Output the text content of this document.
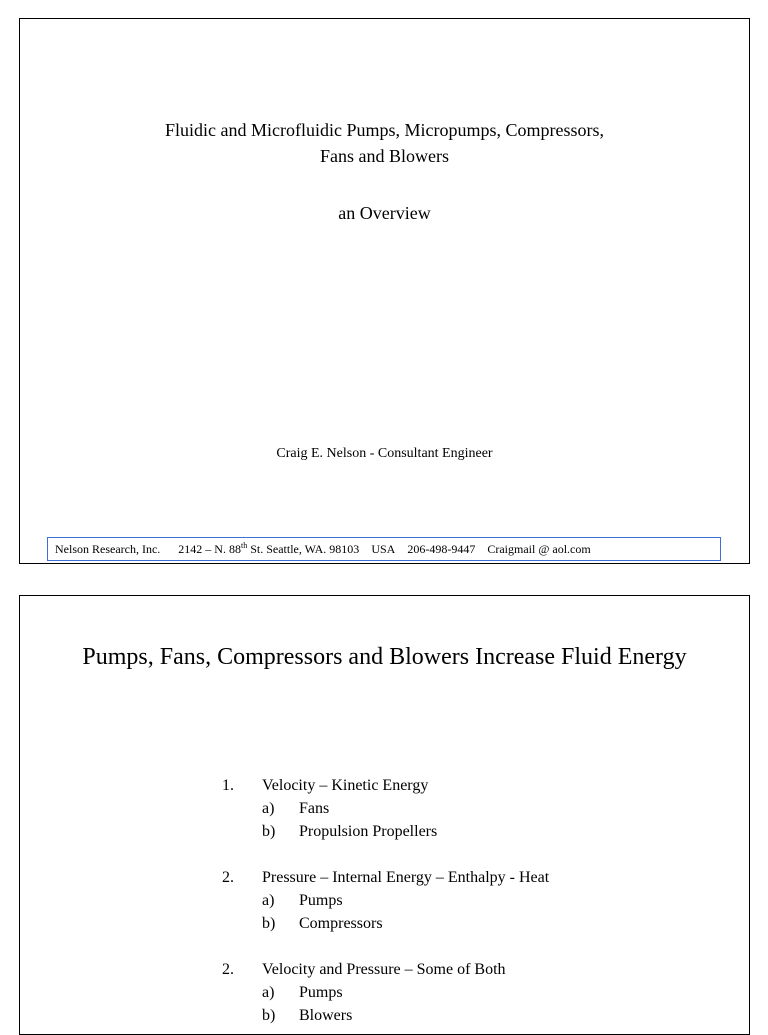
Fluidic and Microfluidic Pumps, Micropumps, Compressors,
Fans and Blowers
an Overview
Craig E. Nelson - Consultant Engineer
Nelson Research, Inc. 2142 – N. 88th St. Seattle, WA. 98103 USA 206-498-9447 Craigmail @ aol.com
Pumps, Fans, Compressors and Blowers Increase Fluid Energy
1.	Velocity – Kinetic Energy
a) Fans
b) Propulsion Propellers
2.	Pressure – Internal Energy – Enthalpy - Heat
a) Pumps
b) Compressors
2.	Velocity and Pressure – Some of Both
a) Pumps
b) Blowers
